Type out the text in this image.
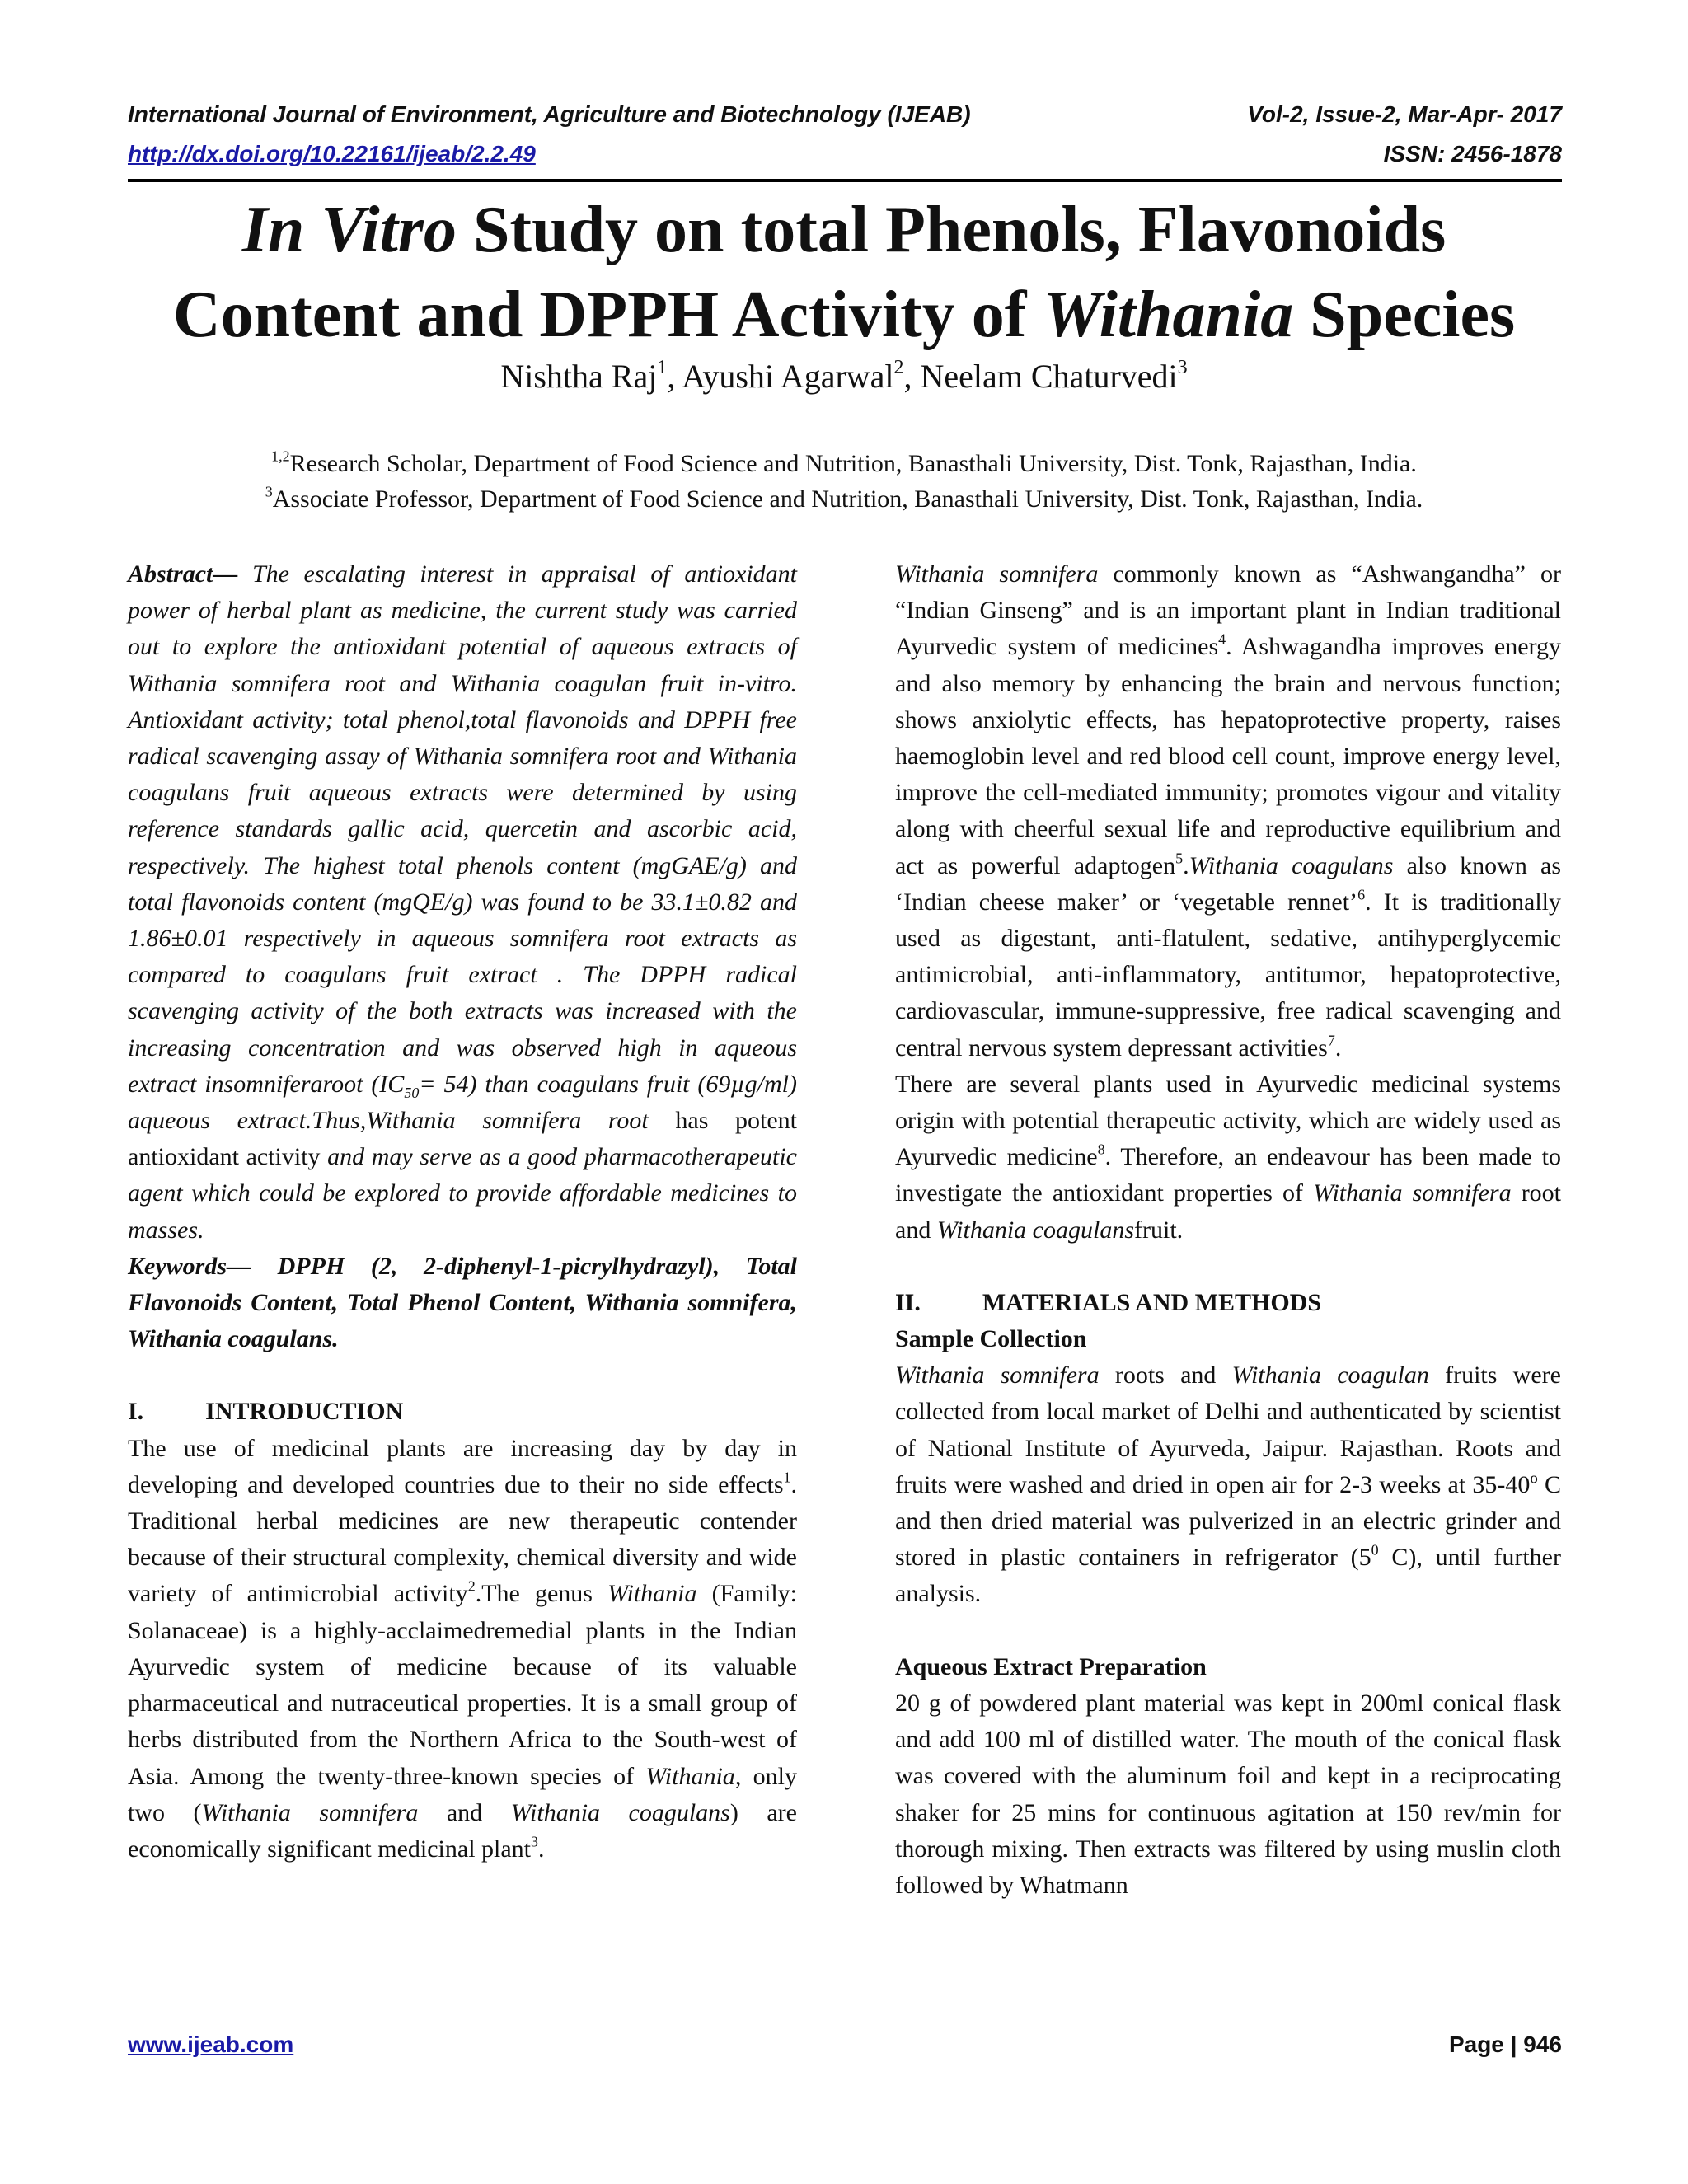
International Journal of Environment, Agriculture and Biotechnology (IJEAB)	Vol-2, Issue-2, Mar-Apr- 2017
http://dx.doi.org/10.22161/ijeab/2.2.49	ISSN: 2456-1878
In Vitro Study on total Phenols, Flavonoids
Content and DPPH Activity of Withania Species
Nishtha Raj$^1$, Ayushi Agarwal$^2$, Neelam Chaturvedi$^3$
$^{1,2}$Research Scholar, Department of Food Science and Nutrition, Banasthali University, Dist. Tonk, Rajasthan, India.
$^3$Associate Professor, Department of Food Science and Nutrition, Banasthali University, Dist. Tonk, Rajasthan, India.

Abstract— The escalating interest in appraisal of antioxidant power of herbal plant as medicine, the current study was carried out to explore the antioxidant potential of aqueous extracts of Withania somnifera root and Withania coagulan fruit in-vitro. Antioxidant activity; total phenol,total flavonoids and DPPH free radical scavenging assay of Withania somnifera root and Withania coagulans fruit aqueous extracts were determined by using reference standards gallic acid, quercetin and ascorbic acid, respectively. The highest total phenols content (mgGAE/g) and total flavonoids content (mgQE/g) was found to be 33.1±0.82 and 1.86±0.01 respectively in aqueous somnifera root extracts as compared to coagulans fruit extract . The DPPH radical scavenging activity of the both extracts was increased with the increasing concentration and was observed high in aqueous extract insomniferaroot $(IC_{50}= 54)$ than coagulans fruit (69µg/ml) aqueous extract.Thus,Withania somnifera root has potent antioxidant activity and may serve as a good pharmacotherapeutic agent which could be explored to provide affordable medicines to masses.

Keywords— DPPH (2, 2-diphenyl-1-picrylhydrazyl), Total Flavonoids Content, Total Phenol Content, Withania somnifera, Withania coagulans.

I.          INTRODUCTION

The use of medicinal plants are increasing day by day in developing and developed countries due to their no side effects$^1$. Traditional herbal medicines are new therapeutic contender because of their structural complexity, chemical diversity and wide variety of antimicrobial activity$^2$.The genus Withania (Family: Solanaceae) is a highly-acclaimedremedial plants in the Indian Ayurvedic system of medicine because of its valuable pharmaceutical and nutraceutical properties. It is a small group of herbs distributed from the Northern Africa to the South-west of Asia. Among the twenty-three-known species of Withania, only two (Withania somnifera and Withania coagulans) are economically significant medicinal plant$^3$.

Withania somnifera commonly known as “Ashwangandha” or “Indian Ginseng” and is an important plant in Indian traditional Ayurvedic system of medicines$^4$. Ashwagandha improves energy and also memory by enhancing the brain and nervous function; shows anxiolytic effects, has hepatoprotective property, raises haemoglobin level and red blood cell count, improve energy level, improve the cell-mediated immunity; promotes vigour and vitality along with cheerful sexual life and reproductive equilibrium and act as powerful adaptogen$^5$.Withania coagulans also known as ‘Indian cheese maker’ or ‘vegetable rennet’$^6$. It is traditionally used as digestant, anti-flatulent, sedative, antihyperglycemic antimicrobial, anti-inflammatory, antitumor, hepatoprotective, cardiovascular, immune-suppressive, free radical scavenging and central nervous system depressant activities$^7$.

There are several plants used in Ayurvedic medicinal systems origin with potential therapeutic activity, which are widely used as Ayurvedic medicine$^8$. Therefore, an endeavour has been made to investigate the antioxidant properties of Withania somnifera root and Withania coagulansfruit.

II.          MATERIALS AND METHODS

Sample Collection

Withania somnifera roots and Withania coagulan fruits were collected from local market of Delhi and authenticated by scientist of National Institute of Ayurveda, Jaipur. Rajasthan. Roots and fruits were washed and dried in open air for 2-3 weeks at 35-40º C and then dried material was pulverized in an electric grinder and stored in plastic containers in refrigerator ($5^0$ C), until further analysis.

Aqueous Extract Preparation

20 g of powdered plant material was kept in 200ml conical flask and add 100 ml of distilled water. The mouth of the conical flask was covered with the aluminum foil and kept in a reciprocating shaker for 25 mins for continuous agitation at 150 rev/min for thorough mixing. Then extracts was filtered by using muslin cloth followed by Whatmann

www.ijeab.com	Page | 946
